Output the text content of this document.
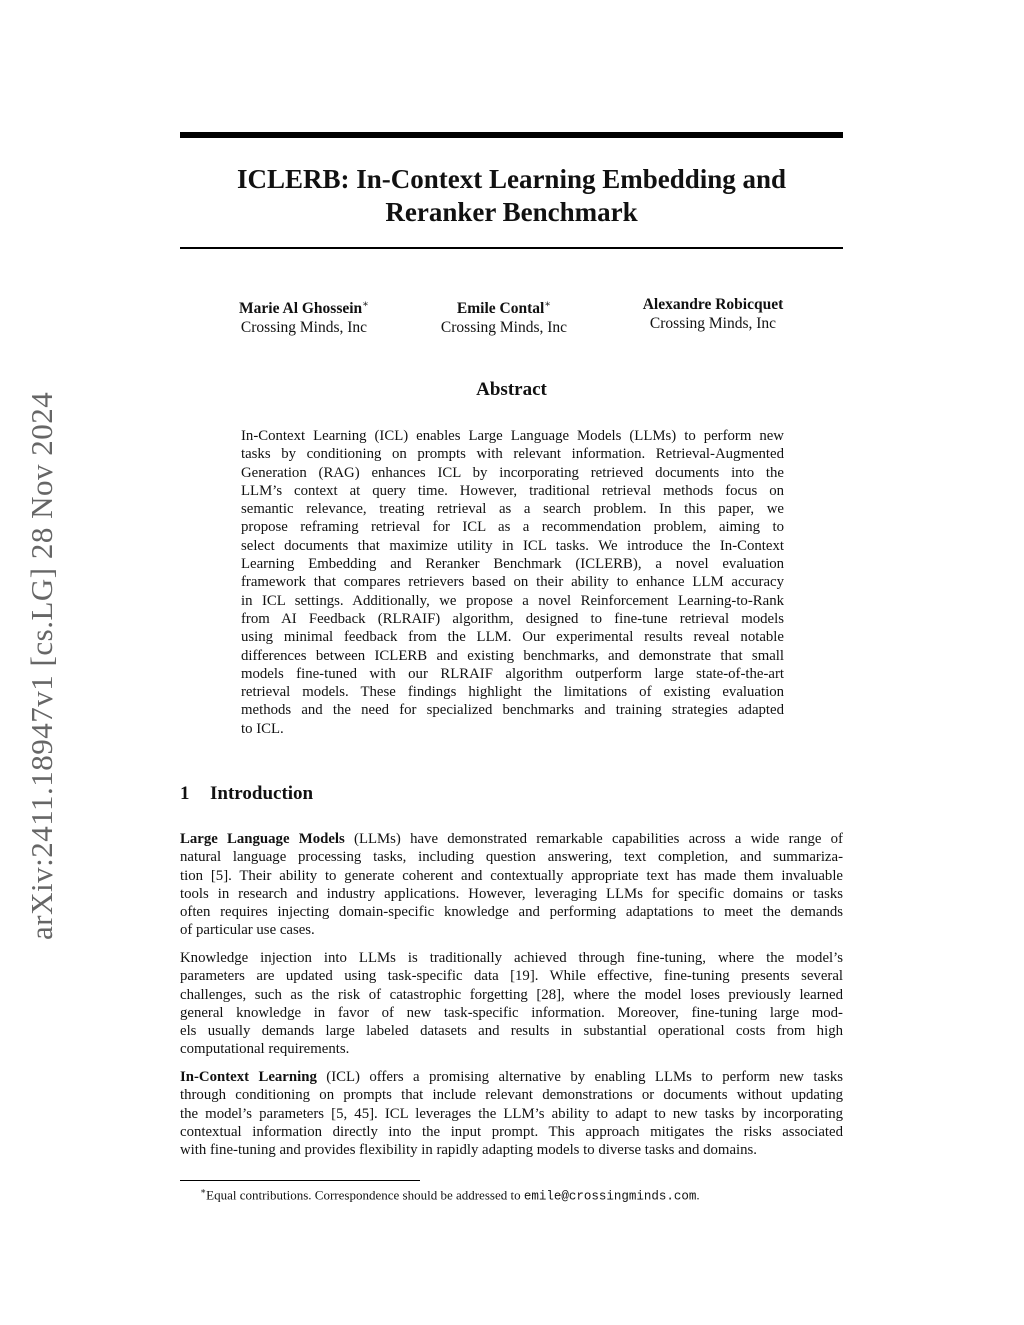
arXiv:2411.18947v1 [cs.LG] 28 Nov 2024
ICLERB: In-Context Learning Embedding and
Reranker Benchmark
Marie Al Ghossein∗
Crossing Minds, Inc
Emile Contal∗
Crossing Minds, Inc
Alexandre Robicquet
Crossing Minds, Inc
Abstract
In-Context Learning (ICL) enables Large Language Models (LLMs) to perform new
tasks by conditioning on prompts with relevant information. Retrieval-Augmented
Generation (RAG) enhances ICL by incorporating retrieved documents into the
LLM’s context at query time. However, traditional retrieval methods focus on
semantic relevance, treating retrieval as a search problem. In this paper, we
propose reframing retrieval for ICL as a recommendation problem, aiming to
select documents that maximize utility in ICL tasks. We introduce the In-Context
Learning Embedding and Reranker Benchmark (ICLERB), a novel evaluation
framework that compares retrievers based on their ability to enhance LLM accuracy
in ICL settings. Additionally, we propose a novel Reinforcement Learning-to-Rank
from AI Feedback (RLRAIF) algorithm, designed to fine-tune retrieval models
using minimal feedback from the LLM. Our experimental results reveal notable
differences between ICLERB and existing benchmarks, and demonstrate that small
models fine-tuned with our RLRAIF algorithm outperform large state-of-the-art
retrieval models. These findings highlight the limitations of existing evaluation
methods and the need for specialized benchmarks and training strategies adapted
to ICL.
1 Introduction
Large Language Models (LLMs) have demonstrated remarkable capabilities across a wide range of
natural language processing tasks, including question answering, text completion, and summariza-
tion [5]. Their ability to generate coherent and contextually appropriate text has made them invaluable
tools in research and industry applications. However, leveraging LLMs for specific domains or tasks
often requires injecting domain-specific knowledge and performing adaptations to meet the demands
of particular use cases.
Knowledge injection into LLMs is traditionally achieved through fine-tuning, where the model’s
parameters are updated using task-specific data [19]. While effective, fine-tuning presents several
challenges, such as the risk of catastrophic forgetting [28], where the model loses previously learned
general knowledge in favor of new task-specific information. Moreover, fine-tuning large mod-
els usually demands large labeled datasets and results in substantial operational costs from high
computational requirements.
In-Context Learning (ICL) offers a promising alternative by enabling LLMs to perform new tasks
through conditioning on prompts that include relevant demonstrations or documents without updating
the model’s parameters [5, 45]. ICL leverages the LLM’s ability to adapt to new tasks by incorporating
contextual information directly into the input prompt. This approach mitigates the risks associated
with fine-tuning and provides flexibility in rapidly adapting models to diverse tasks and domains.
∗Equal contributions. Correspondence should be addressed to emile@crossingminds.com.
